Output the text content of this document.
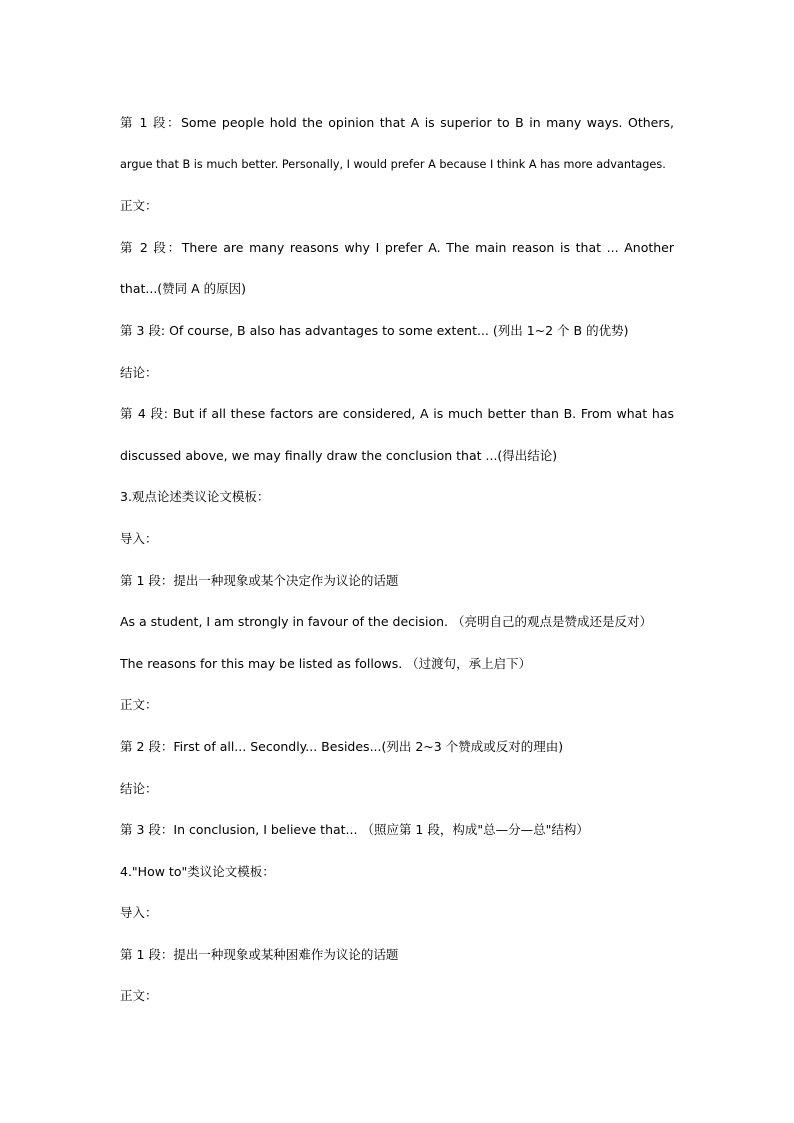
第 1 段：Some people hold the opinion that A is superior to B in many ways. Others,
argue that B is much better. Personally, I would prefer A because I think A has more advantages.
正文：
第 2 段：There are many reasons why I prefer A. The main reason is that ... Another
that...(赞同 A 的原因)
第 3 段: Of course, B also has advantages to some extent... (列出 1~2 个 B 的优势)
结论：
第 4 段: But if all these factors are considered, A is much better than B. From what has
discussed above, we may finally draw the conclusion that ...(得出结论)
3.观点论述类议论文模板：
导入：
第 1 段：提出一种现象或某个决定作为议论的话题
As a student, I am strongly in favour of the decision. （亮明自己的观点是赞成还是反对）
The reasons for this may be listed as follows. （过渡句，承上启下）
正文：
第 2 段：First of all... Secondly... Besides...(列出 2~3 个赞成或反对的理由)
结论：
第 3 段：In conclusion, I believe that... （照应第 1 段，构成"总—分—总"结构）
4."How to"类议论文模板：
导入：
第 1 段：提出一种现象或某种困难作为议论的话题
正文：
